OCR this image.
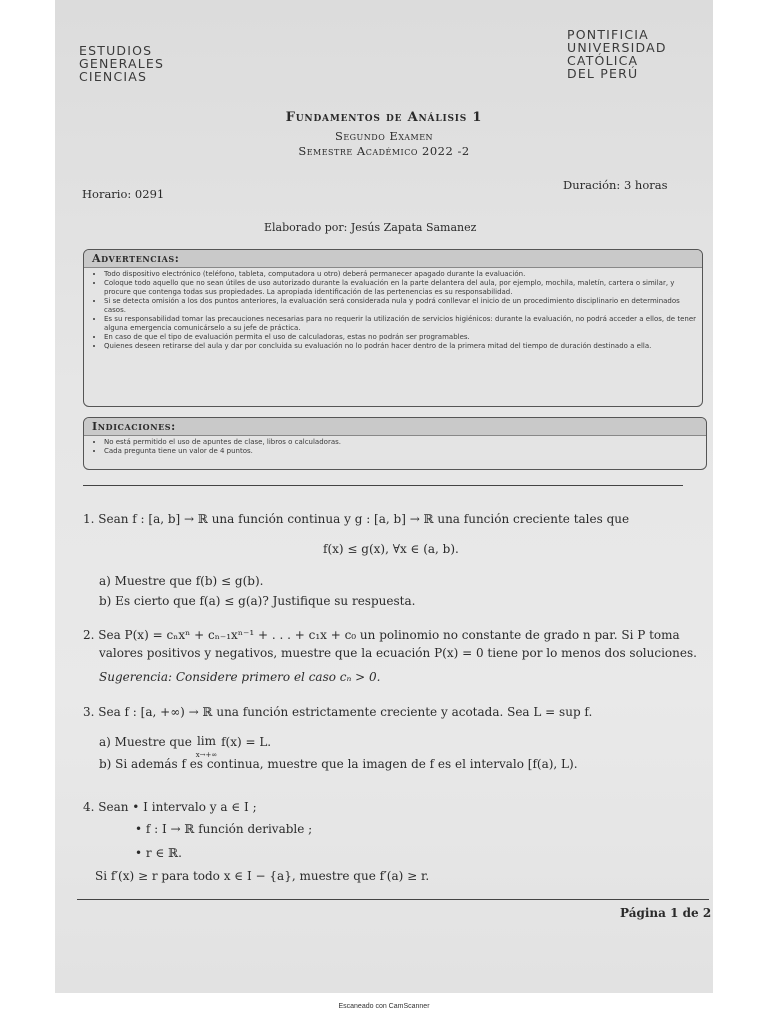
ESTUDIOS
GENERALES
CIENCIAS
PONTIFICIA
UNIVERSIDAD
CATÓLICA
DEL PERÚ
Fundamentos de Análisis 1
Segundo Examen
Semestre Académico 2022 -2
Horario: 0291
Duración: 3 horas
Elaborado por: Jesús Zapata Samanez
Advertencias:
• Todo dispositivo electrónico (teléfono, tableta, computadora u otro) deberá permanecer apagado durante la evaluación.
• Coloque todo aquello que no sean útiles de uso autorizado durante la evaluación en la parte delantera del aula, por ejemplo, mochila, maletín, cartera o similar, y procure que contenga todas sus propiedades. La apropiada identificación de las pertenencias es su responsabilidad.
• Si se detecta omisión a los dos puntos anteriores, la evaluación será considerada nula y podrá conllevar el inicio de un procedimiento disciplinario en determinados casos.
• Es su responsabilidad tomar las precauciones necesarias para no requerir la utilización de servicios higiénicos: durante la evaluación, no podrá acceder a ellos, de tener alguna emergencia comunicárselo a su jefe de práctica.
• En caso de que el tipo de evaluación permita el uso de calculadoras, estas no podrán ser programables.
• Quienes deseen retirarse del aula y dar por concluida su evaluación no lo podrán hacer dentro de la primera mitad del tiempo de duración destinado a ella.
Indicaciones:
• No está permitido el uso de apuntes de clase, libros o calculadoras.
• Cada pregunta tiene un valor de 4 puntos.
1. Sean f : [a, b] → ℝ una función continua y g : [a, b] → ℝ una función creciente tales que
f(x) ≤ g(x), ∀x ∈ (a, b).
a) Muestre que f(b) ≤ g(b).
b) Es cierto que f(a) ≤ g(a)? Justifique su respuesta.
2. Sea P(x) = cₙxⁿ + cₙ₋₁xⁿ⁻¹ + . . . + c₁x + c₀ un polinomio no constante de grado n par. Si P toma
valores positivos y negativos, muestre que la ecuación P(x) = 0 tiene por lo menos dos soluciones.
Sugerencia: Considere primero el caso cₙ > 0.
3. Sea f : [a, +∞) → ℝ una función estrictamente creciente y acotada. Sea L = sup f.
a) Muestre que lim
x→+∞ f(x) = L.
b) Si además f es continua, muestre que la imagen de f es el intervalo [f(a), L).
4. Sean • I intervalo y a ∈ I ;
• f : I → ℝ función derivable ;
• r ∈ ℝ.
Si f′(x) ≥ r para todo x ∈ I − {a}, muestre que f′(a) ≥ r.
Página 1 de 2
Escaneado con CamScanner
